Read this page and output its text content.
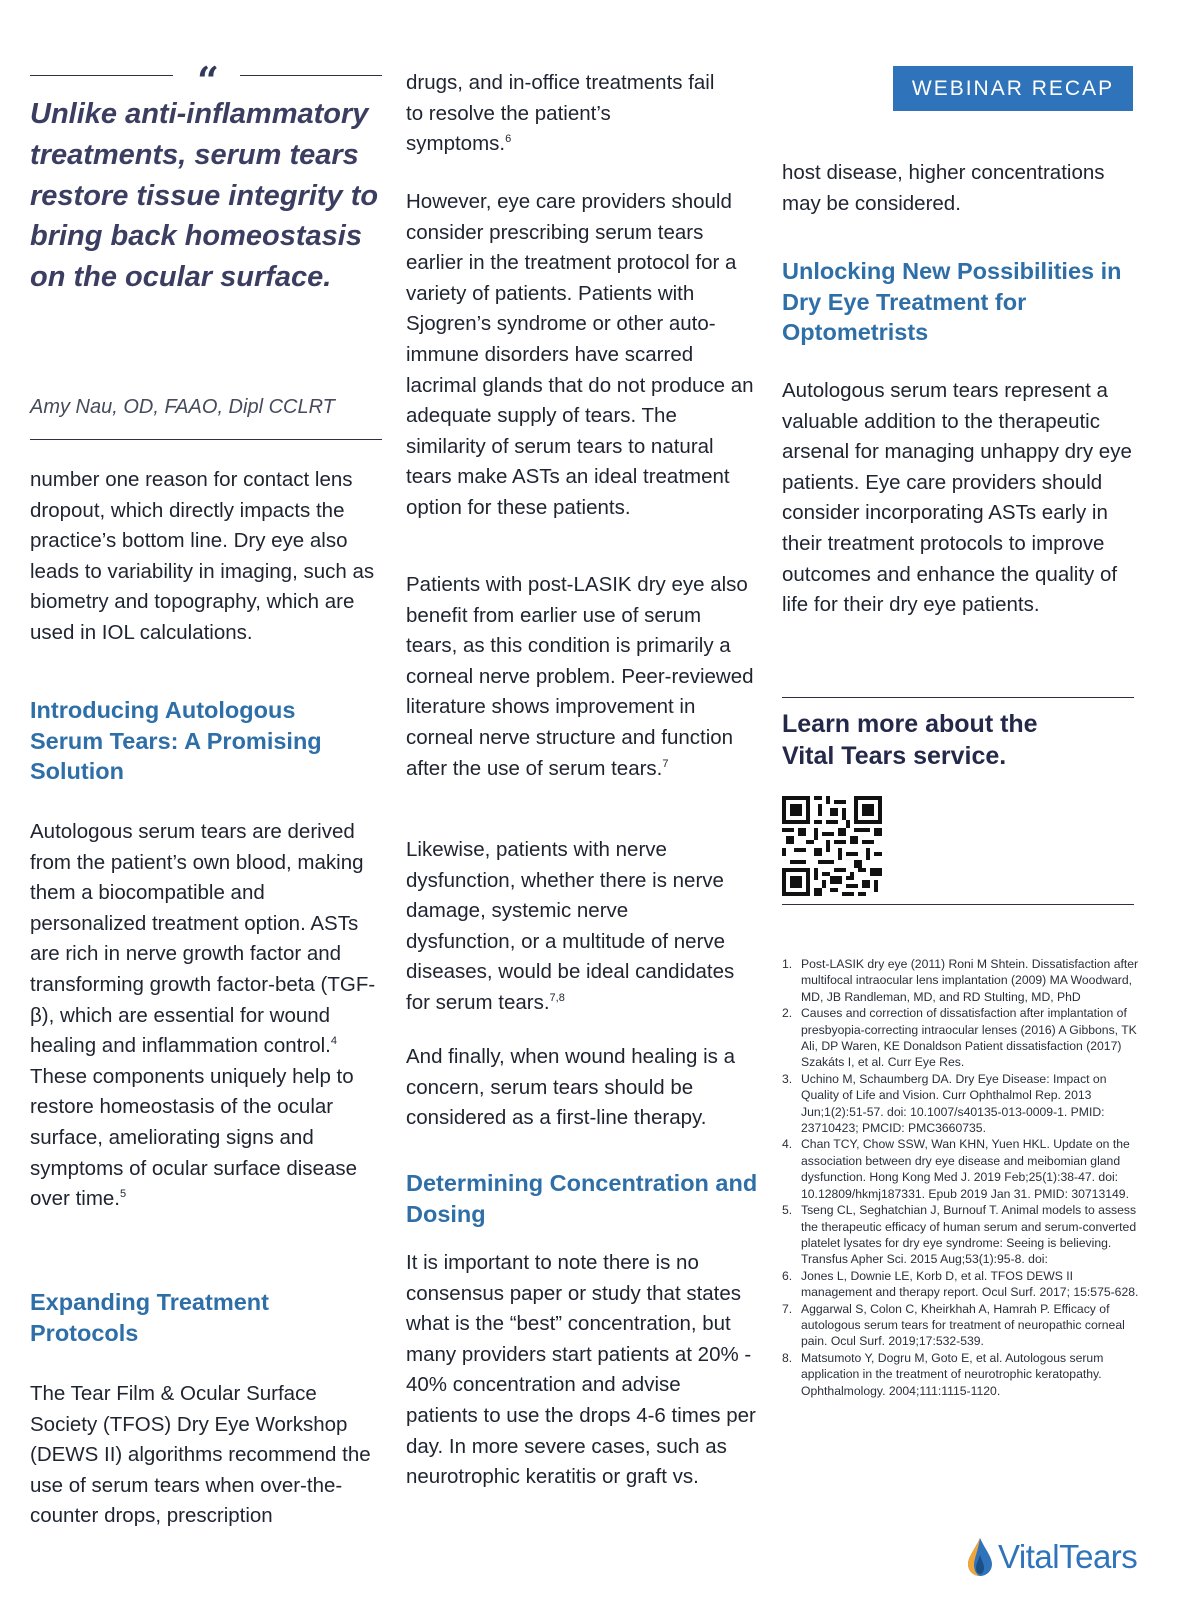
“

Unlike anti-inflammatory treatments, serum tears restore tissue integrity to bring back homeostasis on the ocular surface.

Amy Nau, OD, FAAO, Dipl CCLRT

number one reason for contact lens dropout, which directly impacts the practice’s bottom line. Dry eye also leads to variability in imaging, such as biometry and topography, which are used in IOL calculations.

Introducing Autologous Serum Tears: A Promising Solution

Autologous serum tears are derived from the patient’s own blood, making them a biocompatible and personalized treatment option. ASTs are rich in nerve growth factor and transforming growth factor-beta (TGF-β), which are essential for wound healing and inflammation control.$^4$ These components uniquely help to restore homeostasis of the ocular surface, ameliorating signs and symptoms of ocular surface disease over time.$^5$

Expanding Treatment Protocols

The Tear Film & Ocular Surface Society (TFOS) Dry Eye Workshop (DEWS II) algorithms recommend the use of serum tears when over-the-counter drops, prescription

drugs, and in-office treatments fail to resolve the patient’s symptoms.$^6$

However, eye care providers should consider prescribing serum tears earlier in the treatment protocol for a variety of patients. Patients with Sjogren’s syndrome or other auto-immune disorders have scarred lacrimal glands that do not produce an adequate supply of tears. The similarity of serum tears to natural tears make ASTs an ideal treatment option for these patients.

Patients with post-LASIK dry eye also benefit from earlier use of serum tears, as this condition is primarily a corneal nerve problem. Peer-reviewed literature shows improvement in corneal nerve structure and function after the use of serum tears.$^7$

Likewise, patients with nerve dysfunction, whether there is nerve damage, systemic nerve dysfunction, or a multitude of nerve diseases, would be ideal candidates for serum tears.$^{7,8}$

And finally, when wound healing is a concern, serum tears should be considered as a first-line therapy.

Determining Concentration and Dosing

It is important to note there is no consensus paper or study that states what is the “best” concentration, but many providers start patients at 20% - 40% concentration and advise patients to use the drops 4-6 times per day. In more severe cases, such as neurotrophic keratitis or graft vs.

WEBINAR RECAP

host disease, higher concentrations may be considered.

Unlocking New Possibilities in Dry Eye Treatment for Optometrists

Autologous serum tears represent a valuable addition to the therapeutic arsenal for managing unhappy dry eye patients. Eye care providers should consider incorporating ASTs early in their treatment protocols to improve outcomes and enhance the quality of life for their dry eye patients.

Learn more about the Vital Tears service.

1. Post-LASIK dry eye (2011) Roni M Shtein. Dissatisfaction after multifocal intraocular lens implantation (2009) MA Woodward, MD, JB Randleman, MD, and RD Stulting, MD, PhD
2. Causes and correction of dissatisfaction after implantation of presbyopia-correcting intraocular lenses (2016) A Gibbons, TK Ali, DP Waren, KE Donaldson Patient dissatisfaction (2017) Szakáts I, et al. Curr Eye Res.
3. Uchino M, Schaumberg DA. Dry Eye Disease: Impact on Quality of Life and Vision. Curr Ophthalmol Rep. 2013 Jun;1(2):51-57. doi: 10.1007/s40135-013-0009-1. PMID: 23710423; PMCID: PMC3660735.
4. Chan TCY, Chow SSW, Wan KHN, Yuen HKL. Update on the association between dry eye disease and meibomian gland dysfunction. Hong Kong Med J. 2019 Feb;25(1):38-47. doi: 10.12809/hkmj187331. Epub 2019 Jan 31. PMID: 30713149.
5. Tseng CL, Seghatchian J, Burnouf T. Animal models to assess the therapeutic efficacy of human serum and serum-converted platelet lysates for dry eye syndrome: Seeing is believing. Transfus Apher Sci. 2015 Aug;53(1):95-8. doi:
6. Jones L, Downie LE, Korb D, et al. TFOS DEWS II management and therapy report. Ocul Surf. 2017; 15:575-628.
7. Aggarwal S, Colon C, Kheirkhah A, Hamrah P. Efficacy of autologous serum tears for treatment of neuropathic corneal pain. Ocul Surf. 2019;17:532-539.
8. Matsumoto Y, Dogru M, Goto E, et al. Autologous serum application in the treatment of neurotrophic keratopathy. Ophthalmology. 2004;111:1115-1120.
VitalTears
